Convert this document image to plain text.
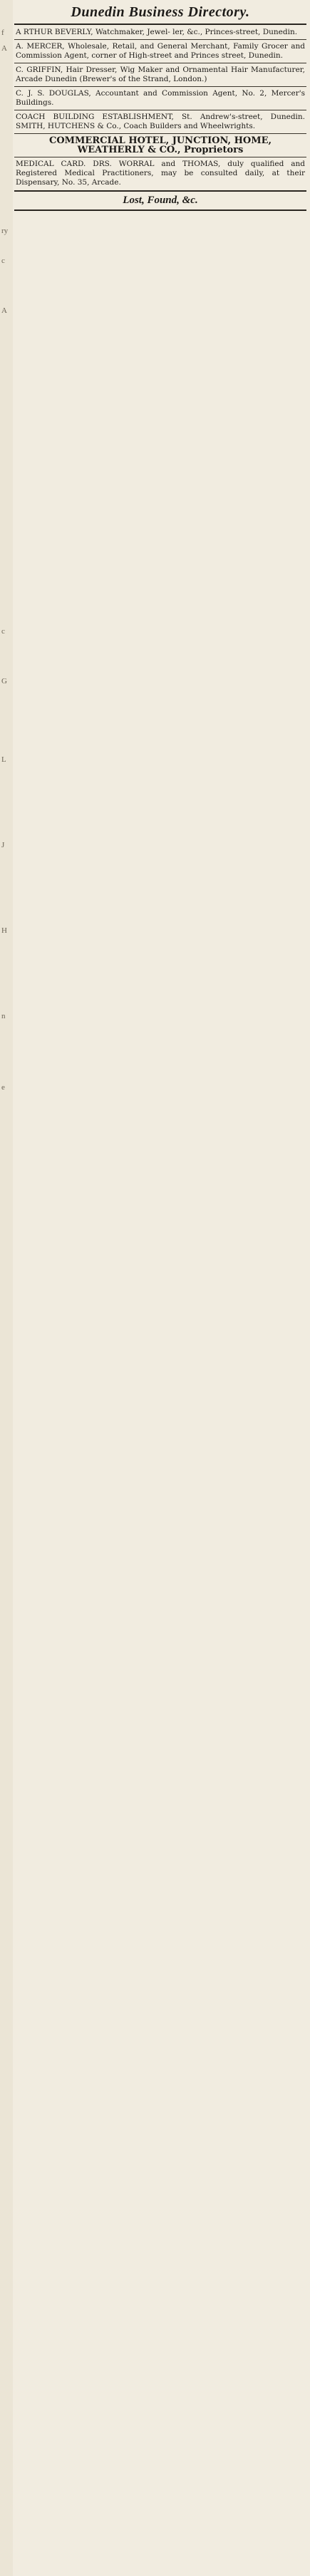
f
A
ry
c
A
c
G
L
J
H
n
e
Dunedin Business Directory.

A RTHUR BEVERLY, Watchmaker, Jewel- ler, &c., Princes-street, Dunedin.

A. MERCER, Wholesale, Retail, and General Merchant, Family Grocer and Commission Agent, corner of High-street and Princes street, Dunedin.

C. GRIFFIN, Hair Dresser, Wig Maker and Ornamental Hair Manufacturer, Arcade Dunedin (Brewer's of the Strand, London.)

C. J. S. DOUGLAS, Accountant and Commission Agent, No. 2, Mercer's Buildings.

COACH BUILDING ESTABLISHMENT, St. Andrew's-street, Dunedin. SMITH, HUTCHENS & Co., Coach Builders and Wheelwrights.

COMMERCIAL HOTEL, JUNCTION, HOME, WEATHERLY & CO., Proprietors

MEDICAL CARD. DRS. WORRAL and THOMAS, duly qualified and Registered Medical Practitioners, may be consulted daily, at their Dispensary, No. 35, Arcade.

Lost, Found, &c.
